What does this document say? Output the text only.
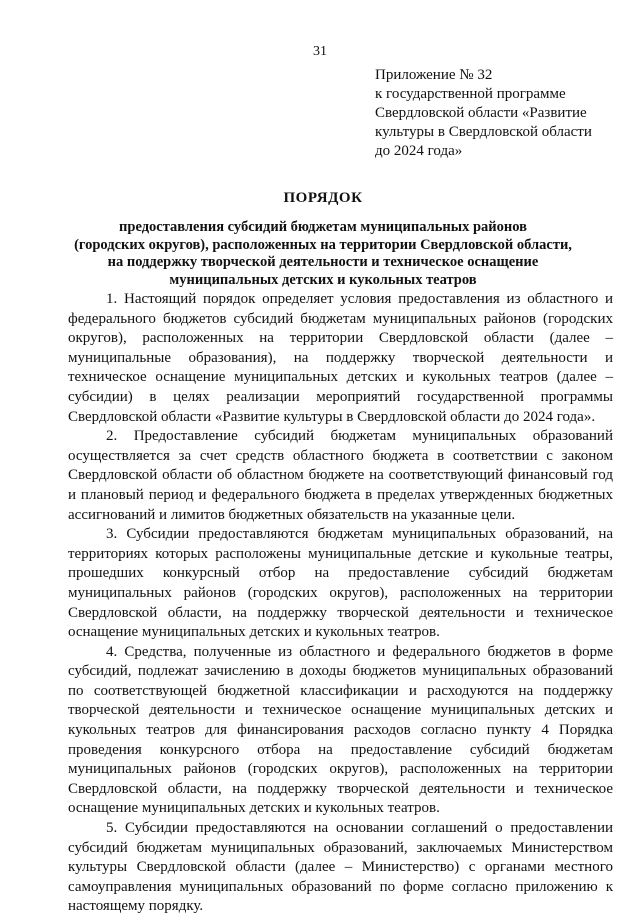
31
Приложение № 32
к государственной программе
Свердловской области «Развитие
культуры в Свердловской области
до 2024 года»
ПОРЯДОК
предоставления субсидий бюджетам муниципальных районов
(городских округов), расположенных на территории Свердловской области,
на поддержку творческой деятельности и техническое оснащение
муниципальных детских и кукольных театров

1. Настоящий порядок определяет условия предоставления из областного и федерального бюджетов субсидий бюджетам муниципальных районов (городских округов), расположенных на территории Свердловской области (далее – муниципальные образования), на поддержку творческой деятельности и техническое оснащение муниципальных детских и кукольных театров (далее – субсидии) в целях реализации мероприятий государственной программы Свердловской области «Развитие культуры в Свердловской области до 2024 года».

2. Предоставление субсидий бюджетам муниципальных образований осуществляется за счет средств областного бюджета в соответствии с законом Свердловской области об областном бюджете на соответствующий финансовый год и плановый период и федерального бюджета в пределах утвержденных бюджетных ассигнований и лимитов бюджетных обязательств на указанные цели.

3. Субсидии предоставляются бюджетам муниципальных образований, на территориях которых расположены муниципальные детские и кукольные театры, прошедших конкурсный отбор на предоставление субсидий бюджетам муниципальных районов (городских округов), расположенных на территории Свердловской области, на поддержку творческой деятельности и техническое оснащение муниципальных детских и кукольных театров.

4. Средства, полученные из областного и федерального бюджетов в форме субсидий, подлежат зачислению в доходы бюджетов муниципальных образований по соответствующей бюджетной классификации и расходуются на поддержку творческой деятельности и техническое оснащение муниципальных детских и кукольных театров для финансирования расходов согласно пункту 4 Порядка проведения конкурсного отбора на предоставление субсидий бюджетам муниципальных районов (городских округов), расположенных на территории Свердловской области, на поддержку творческой деятельности и техническое оснащение муниципальных детских и кукольных театров.

5. Субсидии предоставляются на основании соглашений о предоставлении субсидий бюджетам муниципальных образований, заключаемых Министерством культуры Свердловской области (далее – Министерство) с органами местного самоуправления муниципальных образований по форме согласно приложению к настоящему порядку.
